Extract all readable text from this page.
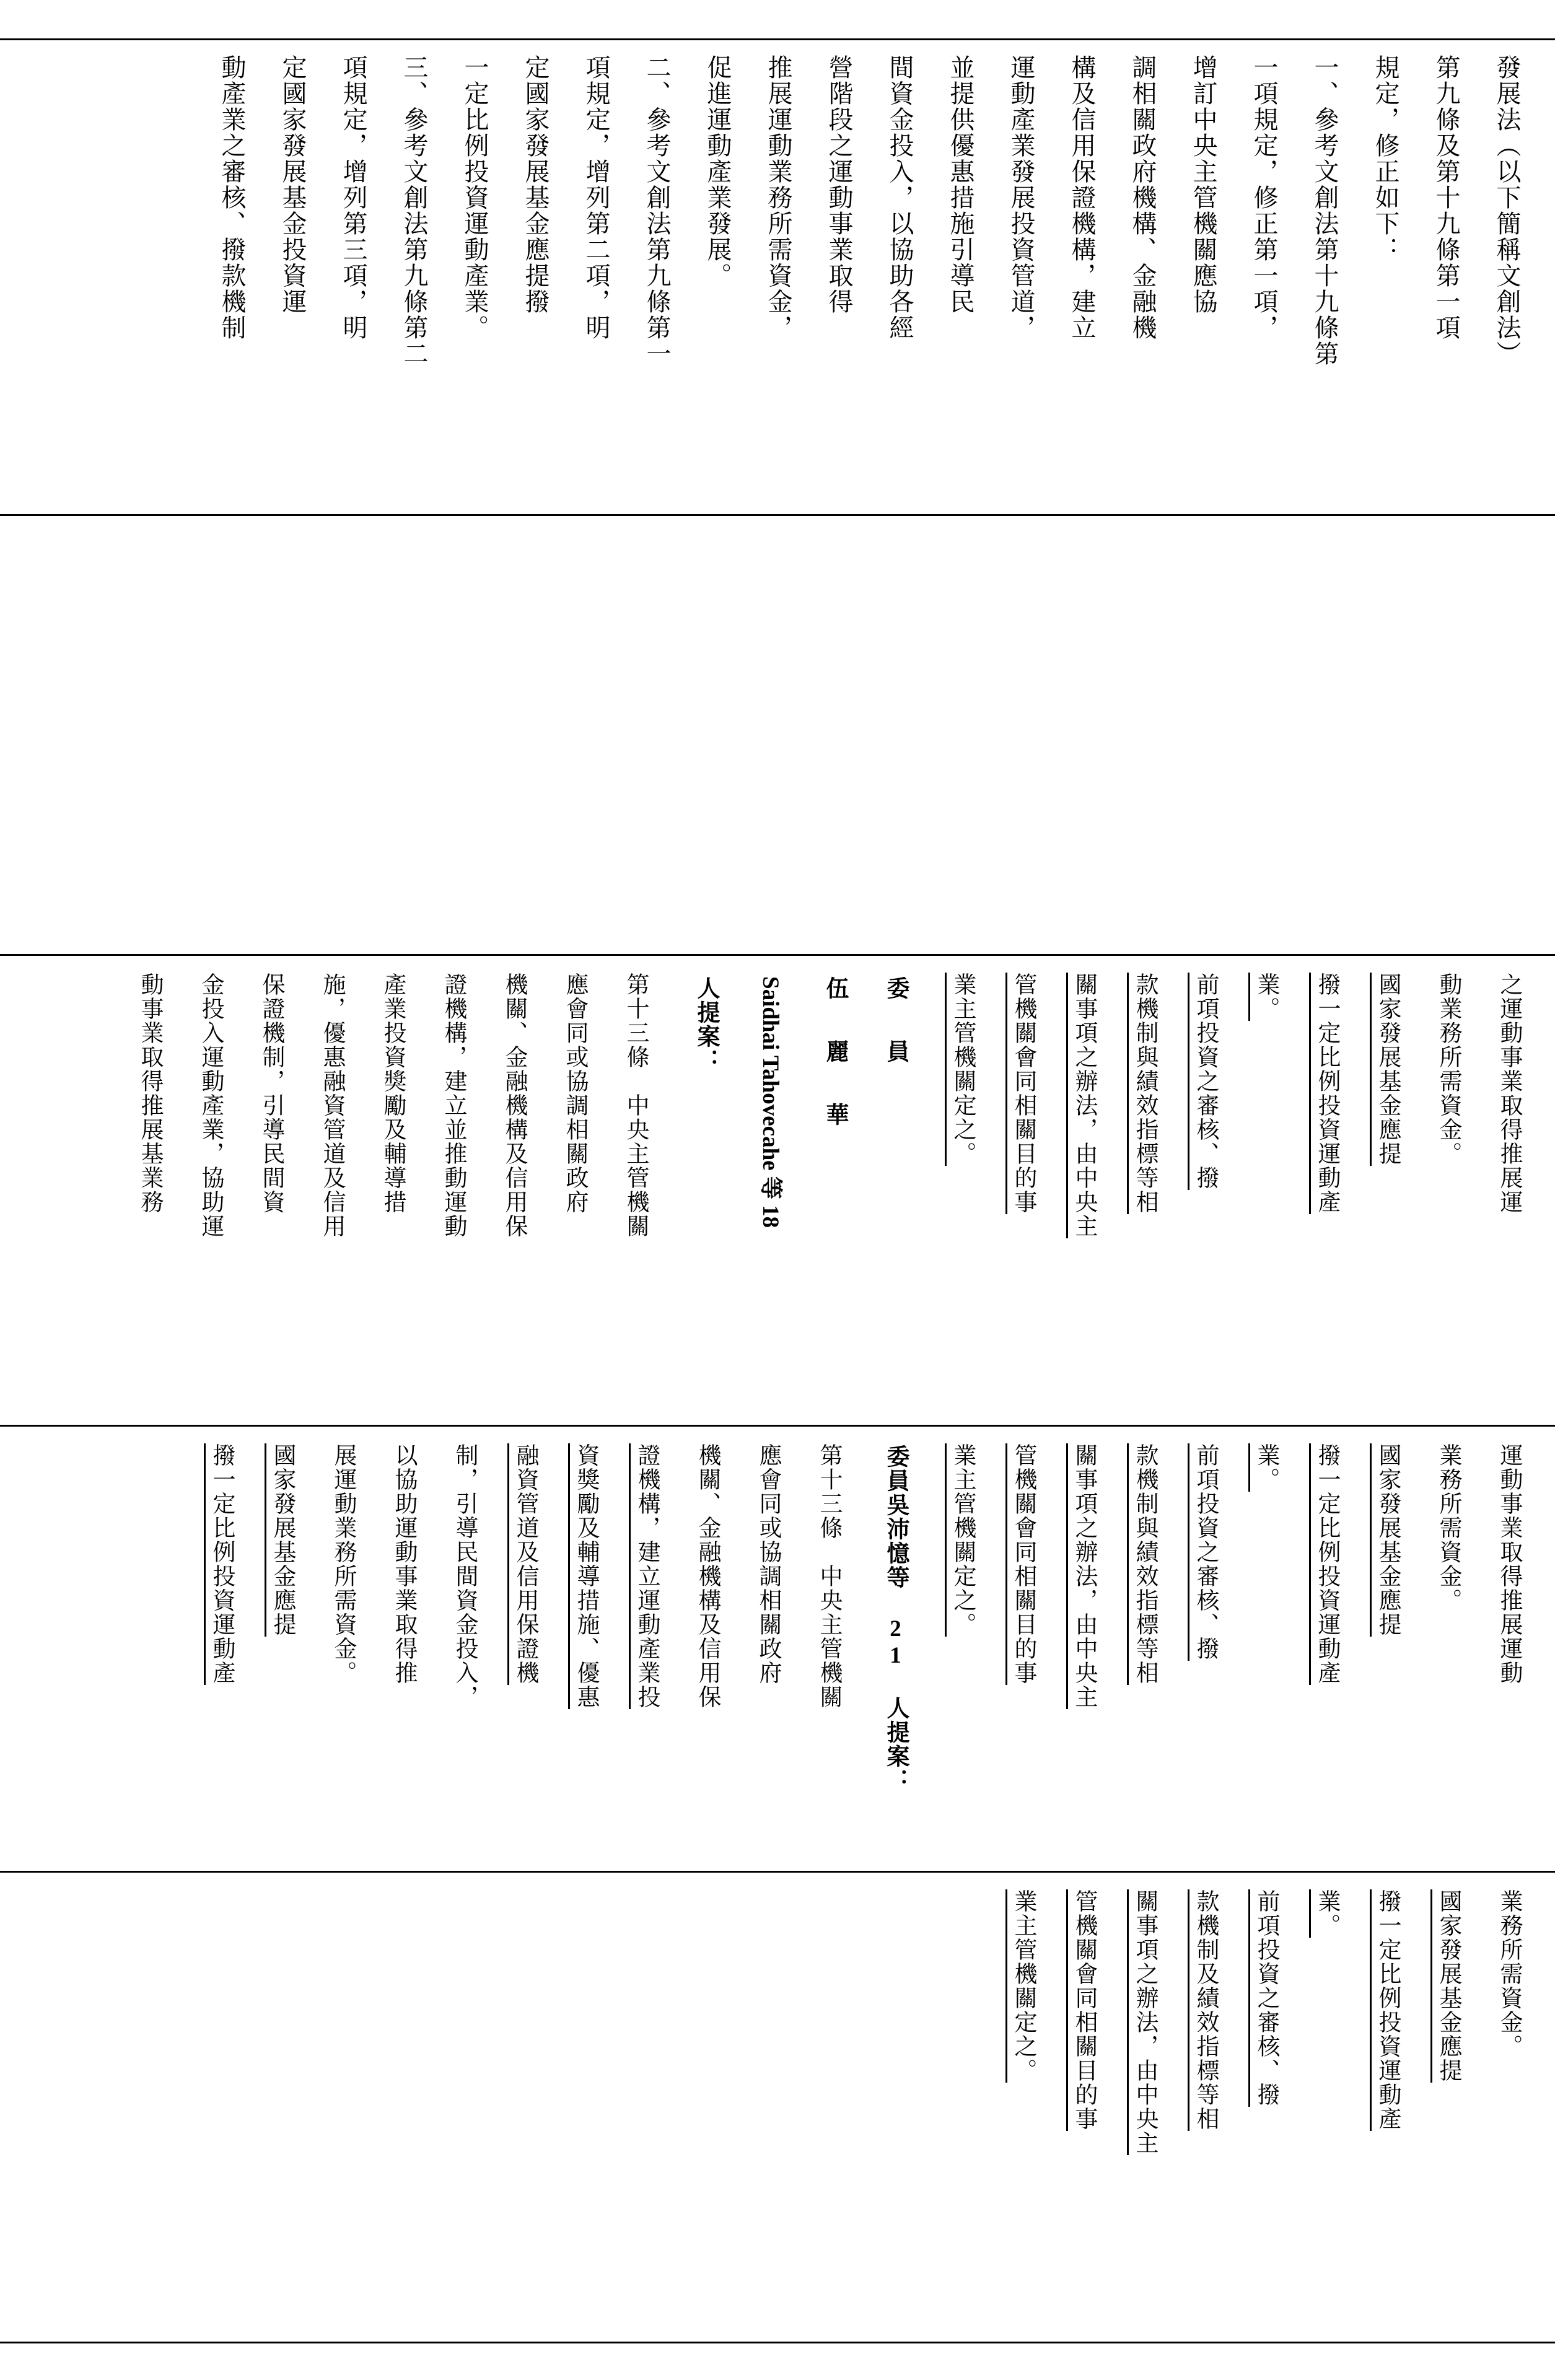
發展法（以下簡稱文創法）
第九條及第十九條第一項
規定，修正如下：
一、參考文創法第十九條第
一項規定，修正第一項，
增訂中央主管機關應協
調相關政府機構、金融機
構及信用保證機構，建立
運動產業發展投資管道，
並提供優惠措施引導民
間資金投入，以協助各經
營階段之運動事業取得
推展運動業務所需資金，
促進運動產業發展。
二、參考文創法第九條第一
項規定，增列第二項，明
定國家發展基金應提撥
一定比例投資運動產業。
三、參考文創法第九條第二
項規定，增列第三項，明
定國家發展基金投資運
動產業之審核、撥款機制
之運動事業取得推展運
動業務所需資金。
國家發展基金應提
撥一定比例投資運動產
業。
前項投資之審核、撥
款機制與績效指標等相
關事項之辦法，由中央主
管機關會同相關目的事
業主管機關定之。
委　員
伍　麗　華
Saidhai Tahovecahe 等 18
人提案：
第十三條　中央主管機關
應會同或協調相關政府
機關、金融機構及信用保
證機構，建立並推動運動
產業投資獎勵及輔導措
施，優惠融資管道及信用
保證機制，引導民間資
金投入運動產業，協助運
動事業取得推展基業務
運動事業取得推展運動
業務所需資金。
國家發展基金應提
撥一定比例投資運動產
業。
前項投資之審核、撥
款機制與績效指標等相
關事項之辦法，由中央主
管機關會同相關目的事
業主管機關定之。
委員吳沛憶等 21 人提案：
第十三條　中央主管機關
應會同或協調相關政府
機關、金融機構及信用保
證機構，建立運動產業投
資獎勵及輔導措施、優惠
融資管道及信用保證機
制，引導民間資金投入，
以協助運動事業取得推
展運動業務所需資金。
國家發展基金應提
撥一定比例投資運動產
業務所需資金。
國家發展基金應提
撥一定比例投資運動產
業。
前項投資之審核、撥
款機制及績效指標等相
關事項之辦法，由中央主
管機關會同相關目的事
業主管機關定之。
